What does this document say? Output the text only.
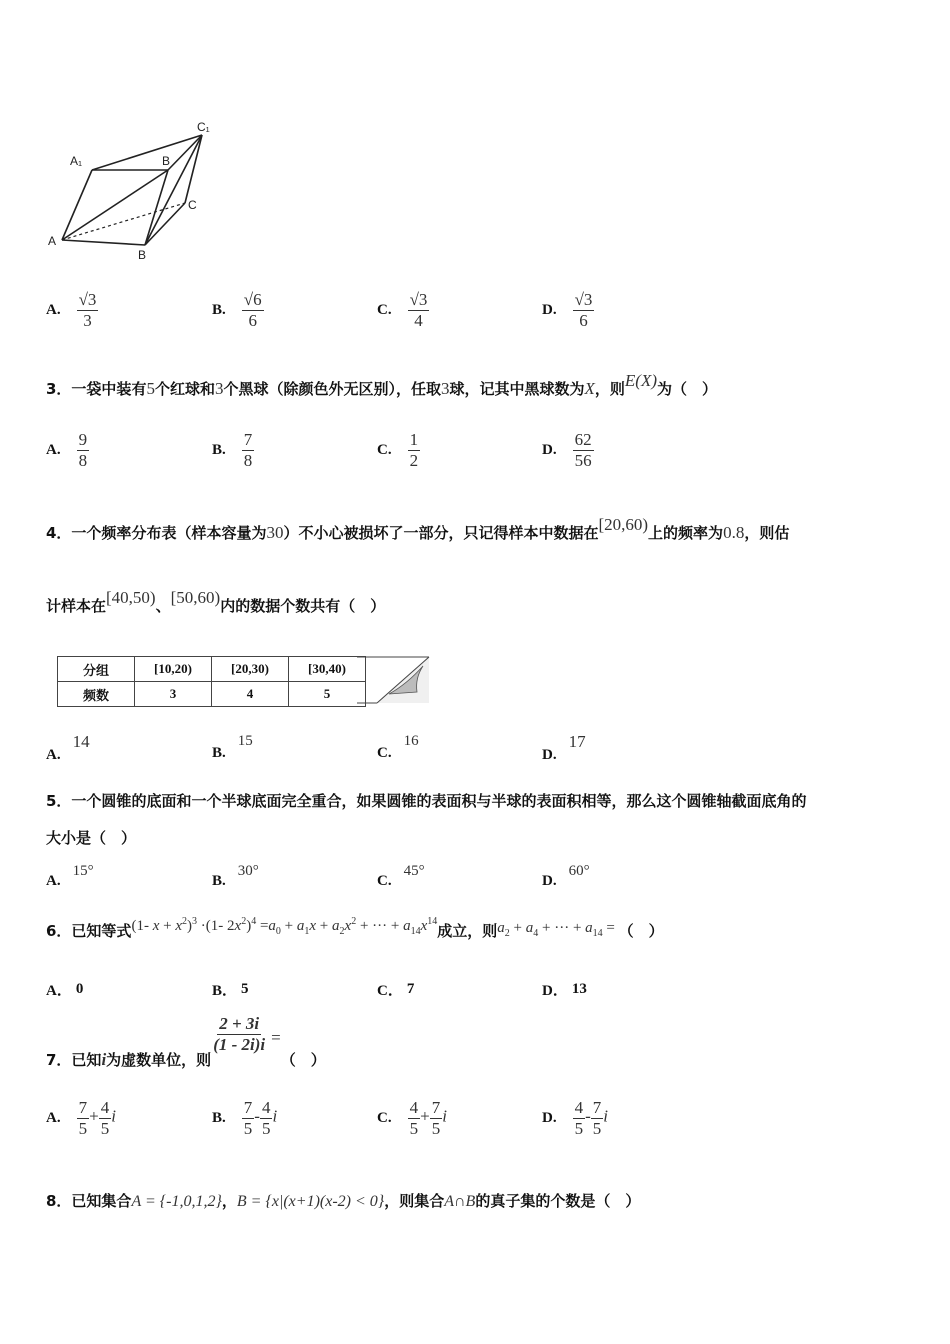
A₁	B
C₁
A
B
C
A. $\frac{√3}{3}$	B. $\frac{√6}{6}$	C. $\frac{√3}{4}$	D. $\frac{√3}{6}$
3．一袋中装有5个红球和3个黑球（除颜色外无区别），任取3球，记其中黑球数为X，则E(X)为（　）
A. $\frac{9}{8}$	B. $\frac{7}{8}$	C. $\frac{1}{2}$	D. $\frac{62}{56}$
4．一个频率分布表（样本容量为30）不小心被损坏了一部分，只记得样本中数据在[20,60)上的频率为0.8，则估
计样本在[40,50)、[50,60)内的数据个数共有（　）
分组	[10,20)	[20,30)	[30,40)	
频数	3	4	5	
A.14
B.15
C.16
D.17
5．一个圆锥的底面和一个半球底面完全重合，如果圆锥的表面积与半球的表面积相等，那么这个圆锥轴截面底角的
大小是（　）
A.15°
B.30°
C.45°
D.60°
6．已知等式(1- $x + x^2)^3 \cdot(1-$ $2x^2)^4 =a_0 + a_1x + a_2x^2$ + ··· + $a_{14}x^{14}$成立，则$a_2 + a_4$ + ··· + $a_{14}$ = （　）
A． 0	B． 5	C． 7	D． 13
7．已知i为虚数单位，则
$\frac{2 + 3i}{(1 - 2i)i}$ =（　）
A. $\frac{7}{5} + \frac{4}{5}$ i	B. $\frac{7}{5} - \frac{4}{5}$ i	C. $\frac{4}{5} + \frac{7}{5}$ i	D. $\frac{4}{5} - \frac{7}{5}$ i
8．已知集合A = {-1,0,1,2}，B = {x|(x+1)(x-2) < 0}，则集合A∩B的真子集的个数是（　）
